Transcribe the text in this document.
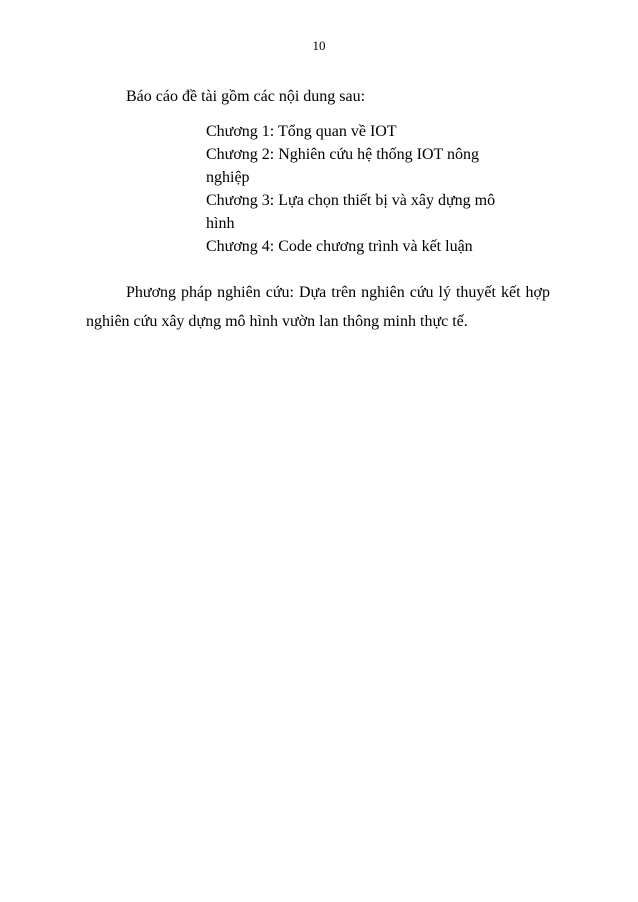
10
Báo cáo đề tài gồm các nội dung sau:
Chương 1: Tổng quan về IOT
Chương 2: Nghiên cứu hệ thống IOT nông
nghiệp
Chương 3: Lựa chọn thiết bị và xây dựng mô
hình
Chương 4: Code chương trình và kết luận
Phương pháp nghiên cứu: Dựa trên nghiên cứu lý thuyết kết hợp
nghiên cứu xây dựng mô hình vườn lan thông minh thực tế.
